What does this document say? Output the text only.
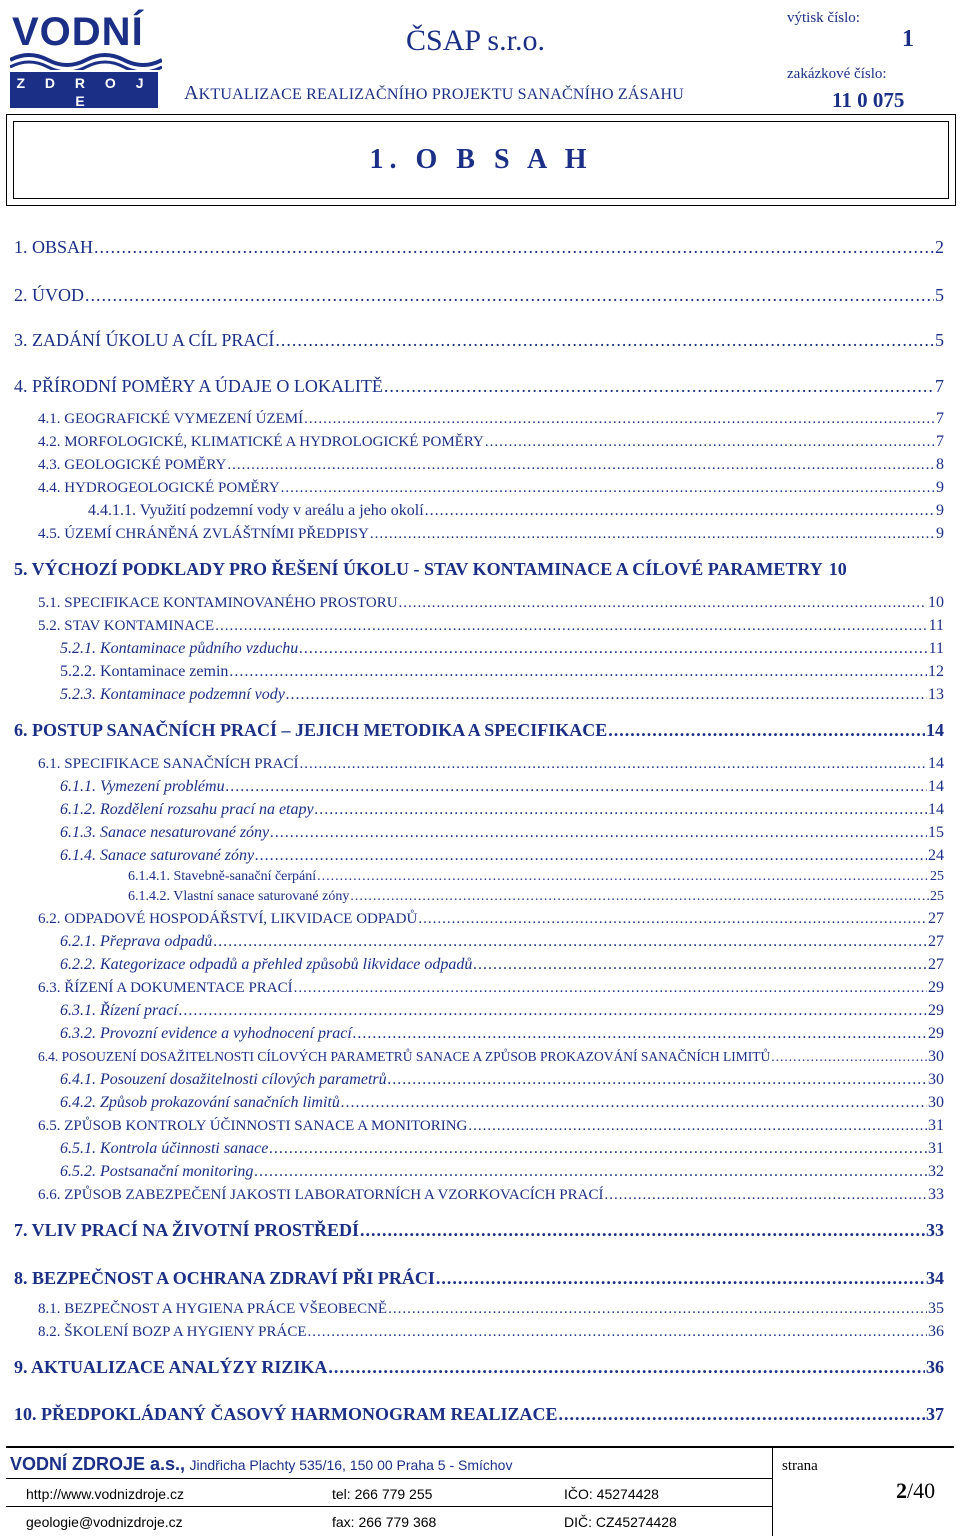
VODNÍ
Z D R O J E
AKCIOVÁ SPOLEČNOST
ČSAP s.r.o.
AKTUALIZACE REALIZAČNÍHO PROJEKTU SANAČNÍHO ZÁSAHU
výtisk číslo:
1
zakázkové číslo:
11 0 075
1. O B S A H
1. OBSAH .....	2
2. ÚVOD .....	5
3. ZADÁNÍ ÚKOLU A CÍL PRACÍ .....	5
4. PŘÍRODNÍ POMĚRY A ÚDAJE O LOKALITĚ .....	7
4.1. GEOGRAFICKÉ VYMEZENÍ ÚZEMÍ .....	7
4.2. MORFOLOGICKÉ, KLIMATICKÉ A HYDROLOGICKÉ POMĚRY .....	7
4.3. GEOLOGICKÉ POMĚRY .....	8
4.4. HYDROGEOLOGICKÉ POMĚRY .....	9
4.4.1.1. Využití podzemní vody v areálu a jeho okolí .....	9
4.5. ÚZEMÍ CHRÁNĚNÁ ZVLÁŠTNÍMI PŘEDPISY .....	9
5. VÝCHOZÍ PODKLADY PRO ŘEŠENÍ ÚKOLU - STAV KONTAMINACE A CÍLOVÉ PARAMETRY 10
5.1. SPECIFIKACE KONTAMINOVANÉHO PROSTORU .....	10
5.2. STAV KONTAMINACE .....	11
5.2.1. Kontaminace půdního vzduchu .....	11
5.2.2. Kontaminace zemin .....	12
5.2.3. Kontaminace podzemní vody .....	13
6. POSTUP SANAČNÍCH PRACÍ – JEJICH METODIKA A SPECIFIKACE .....	14
6.1. SPECIFIKACE SANAČNÍCH PRACÍ .....	14
6.1.1. Vymezení problému .....	14
6.1.2. Rozdělení rozsahu prací na etapy .....	14
6.1.3. Sanace nesaturované zóny .....	15
6.1.4. Sanace saturované zóny .....	24
6.1.4.1. Stavebně-sanační čerpání .....	25
6.1.4.2. Vlastní sanace saturované zóny .....	25
6.2. ODPADOVÉ HOSPODÁŘSTVÍ, LIKVIDACE ODPADŮ .....	27
6.2.1. Přeprava odpadů .....	27
6.2.2. Kategorizace odpadů a přehled způsobů likvidace odpadů .....	27
6.3. ŘÍZENÍ A DOKUMENTACE PRACÍ .....	29
6.3.1. Řízení prací .....	29
6.3.2. Provozní evidence a vyhodnocení prací .....	29
6.4. POSOUZENÍ DOSAŽITELNOSTI CÍLOVÝCH PARAMETRŮ SANACE A ZPŮSOB PROKAZOVÁNÍ SANAČNÍCH LIMITŮ .....	30
6.4.1. Posouzení dosažitelnosti cílových parametrů .....	30
6.4.2. Způsob prokazování sanačních limitů .....	30
6.5. ZPŮSOB KONTROLY ÚČINNOSTI SANACE A MONITORING .....	31
6.5.1. Kontrola účinnosti sanace .....	31
6.5.2. Postsanační monitoring .....	32
6.6. ZPŮSOB ZABEZPEČENÍ JAKOSTI LABORATORNÍCH A VZORKOVACÍCH PRACÍ .....	33
7. VLIV PRACÍ NA ŽIVOTNÍ PROSTŘEDÍ .....	33
8. BEZPEČNOST A OCHRANA ZDRAVÍ PŘI PRÁCI .....	34
8.1. BEZPEČNOST A HYGIENA PRÁCE VŠEOBECNĚ .....	35
8.2. ŠKOLENÍ BOZP A HYGIENY PRÁCE .....	36
9. AKTUALIZACE ANALÝZY RIZIKA .....	36
10. PŘEDPOKLÁDANÝ ČASOVÝ HARMONOGRAM REALIZACE .....	37
VODNÍ ZDROJE a.s., Jindřicha Plachty 535/16, 150 00 Praha 5 - Smíchov
http://www.vodnizdroje.cz	tel: 266 779 255	IČO: 45274428
geologie@vodnizdroje.cz	fax: 266 779 368	DIČ: CZ45274428
strana
2/40
